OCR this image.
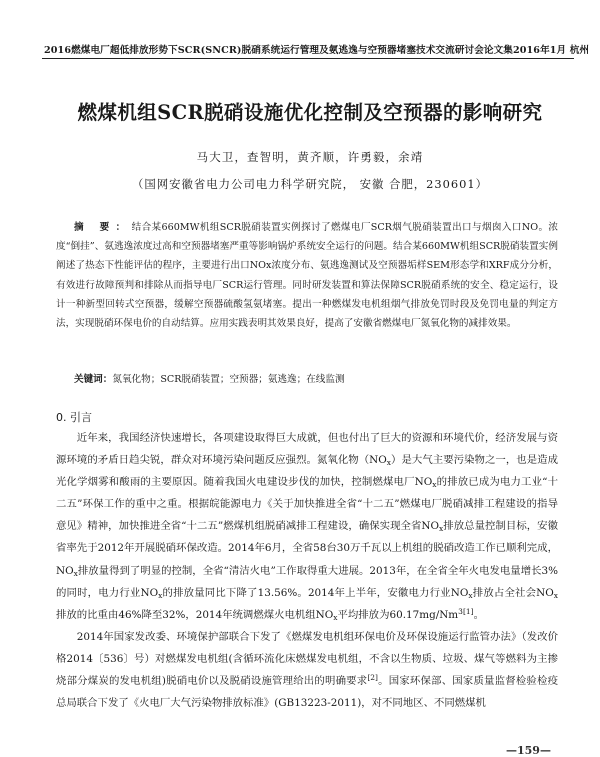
2016燃煤电厂超低排放形势下SCR(SNCR)脱硝系统运行管理及氨逃逸与空预器堵塞技术交流研讨会论文集 2016年1月 杭州
燃煤机组SCR脱硝设施优化控制及空预器的影响研究
马大卫，查智明，黄齐顺，许勇毅，余靖
（国网安徽省电力公司电力科学研究院， 安徽 合肥，230601）
摘 要：结合某660MW机组SCR脱硝装置实例探讨了燃煤电厂SCR烟气脱硝装置出口与烟囱入口NO。浓度“倒挂”、氨逃逸浓度过高和空预器堵塞严重等影响锅炉系统安全运行的问题。结合某660MW机组SCR脱硝装置实例阐述了热态下性能评估的程序，主要进行出口NOx浓度分布、氨逃逸测试及空预器垢样SEM形态学和XRF成分分析，有效进行故障预判和排除从而指导电厂SCR运行管理。同时研发装置和算法保障SCR脱硝系统的安全、稳定运行，设计一种新型回转式空预器，缓解空预器硫酸氢氨堵塞。提出一种燃煤发电机组烟气排放免罚时段及免罚电量的判定方法，实现脱硝环保电价的自动结算。应用实践表明其效果良好，提高了安徽省燃煤电厂氮氧化物的减排效果。
关键词：氮氧化物；SCR脱硝装置；空预器；氨逃逸；在线监测
0. 引言

近年来，我国经济快速增长，各项建设取得巨大成就，但也付出了巨大的资源和环境代价，经济发展与资源环境的矛盾日趋尖锐，群众对环境污染问题反应强烈。氮氧化物$(NO_x)$是大气主要污染物之一，也是造成光化学烟雾和酸雨的主要原因。随着我国火电建设步伐的加快，控制燃煤电厂$NO_x$的排放已成为电力工业“十二五”环保工作的重中之重。根据皖能源电力《关于加快推进全省“十二五”燃煤电厂脱硝减排工程建设的指导意见》精神，加快推进全省“十二五”燃煤机组脱硝减排工程建设，确保实现全省$NO_x$排放总量控制目标，安徽省率先于2012年开展脱硝环保改造。2014年6月，全省58台30万千瓦以上机组的脱硝改造工作已顺利完成，$NO_x$排放量得到了明显的控制，全省“清洁火电”工作取得重大进展。2013年，在全省全年火电发电量增长3%的同时，电力行业$NO_x$的排放量同比下降了13.56%。2014年上半年，安徽电力行业$NO_x$排放占全社会$NO_x$排放的比重由46%降至32%，2014年统调燃煤火电机组$NO_x$平均排放为$60.17mg/Nm^{3[1]}$。

2014年国家发改委、环境保护部联合下发了《燃煤发电机组环保电价及环保设施运行监管办法》（发改价格2014〔536〕号）对燃煤发电机组(含循环流化床燃煤发电机组，不含以生物质、垃圾、煤气等燃料为主掺烧部分煤炭的发电机组)脱硝电价以及脱硝设施管理给出的明确要求[2]。国家环保部、国家质量监督检验检疫总局联合下发了《火电厂大气污染物排放标准》(GB13223-2011)，对不同地区、不同燃煤机

—159—
